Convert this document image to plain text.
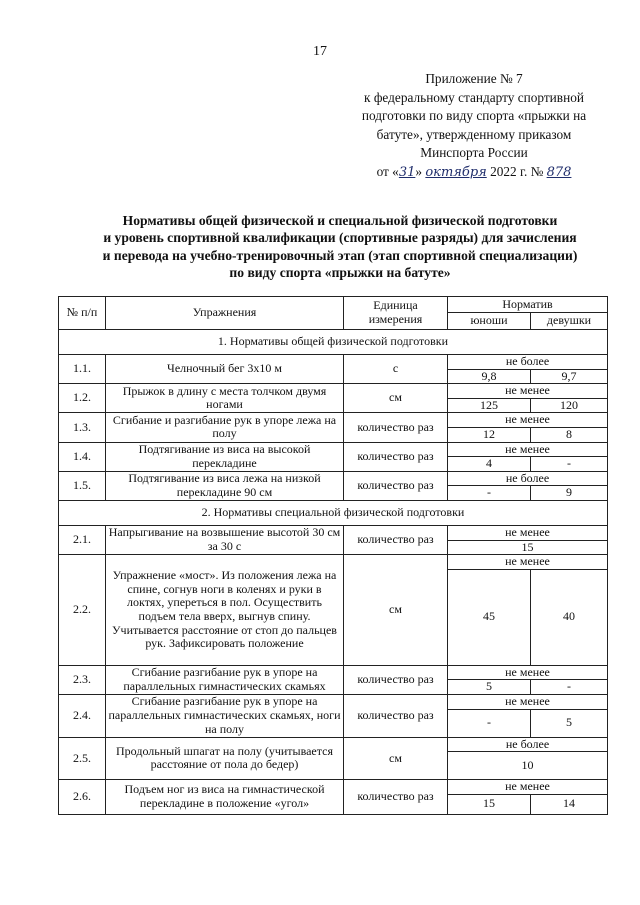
17
Приложение № 7
к федеральному стандарту спортивной
подготовки по виду спорта «прыжки на
батуте», утвержденному приказом
Минспорта России
от «31» октября 2022 г. № 878
Нормативы общей физической и специальной физической подготовки
и уровень спортивной квалификации (спортивные разряды) для зачисления
и перевода на учебно-тренировочный этап (этап спортивной специализации)
по виду спорта «прыжки на батуте»
№ п/п	Упражнения	Единица измерения	Норматив	
			юноши	девушки
1. Нормативы общей физической подготовки				
1.1.	Челночный бег 3х10 м	с	не более	
			9,8	9,7
1.2.	Прыжок в длину с места толчком двумя ногами	см	не менее	
			125	120
1.3.	Сгибание и разгибание рук в упоре лежа на полу	количество раз	не менее	
			12	8
1.4.	Подтягивание из виса на высокой перекладине	количество раз	не менее	
			4	-
1.5.	Подтягивание из виса лежа на низкой перекладине 90 см	количество раз	не более	
			-	9
2. Нормативы специальной физической подготовки				
2.1.	Напрыгивание на возвышение высотой 30 см за 30 с	количество раз	не менее	
			15	
2.2.	Упражнение «мост». Из положения лежа на спине, согнув ноги в коленях и руки в локтях, упереться в пол. Осуществить подъем тела вверх, выгнув спину. Учитывается расстояние от стоп до пальцев рук. Зафиксировать положение	см	не менее	
			45	40
2.3.	Сгибание разгибание рук в упоре на параллельных гимнастических скамьях	количество раз	не менее	
			5	-
2.4.	Сгибание разгибание рук в упоре на параллельных гимнастических скамьях, ноги на полу	количество раз	не менее	
			-	5
2.5.	Продольный шпагат на полу (учитывается расстояние от пола до бедер)	см	не более	
			10	
2.6.	Подъем ног из виса на гимнастической перекладине в положение «угол»	количество раз	не менее	
			15	14
